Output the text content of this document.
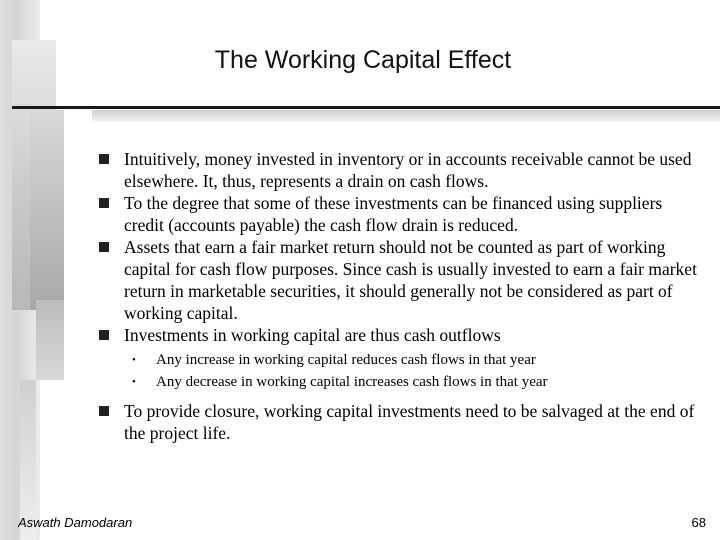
The Working Capital Effect
Intuitively, money invested in inventory or in accounts receivable cannot be used elsewhere. It, thus, represents a drain on cash flows.
To the degree that some of these investments can be financed using suppliers credit (accounts payable) the cash flow drain is reduced.
Assets that earn a fair market return should not be counted as part of working capital for cash flow purposes. Since cash is usually invested to earn a fair market return in marketable securities, it should generally not be considered as part of working capital.
Investments in working capital are thus cash outflows
• Any increase in working capital reduces cash flows in that year
• Any decrease in working capital increases cash flows in that year
To provide closure, working capital investments need to be salvaged at the end of the project life.
Aswath Damodaran	68
